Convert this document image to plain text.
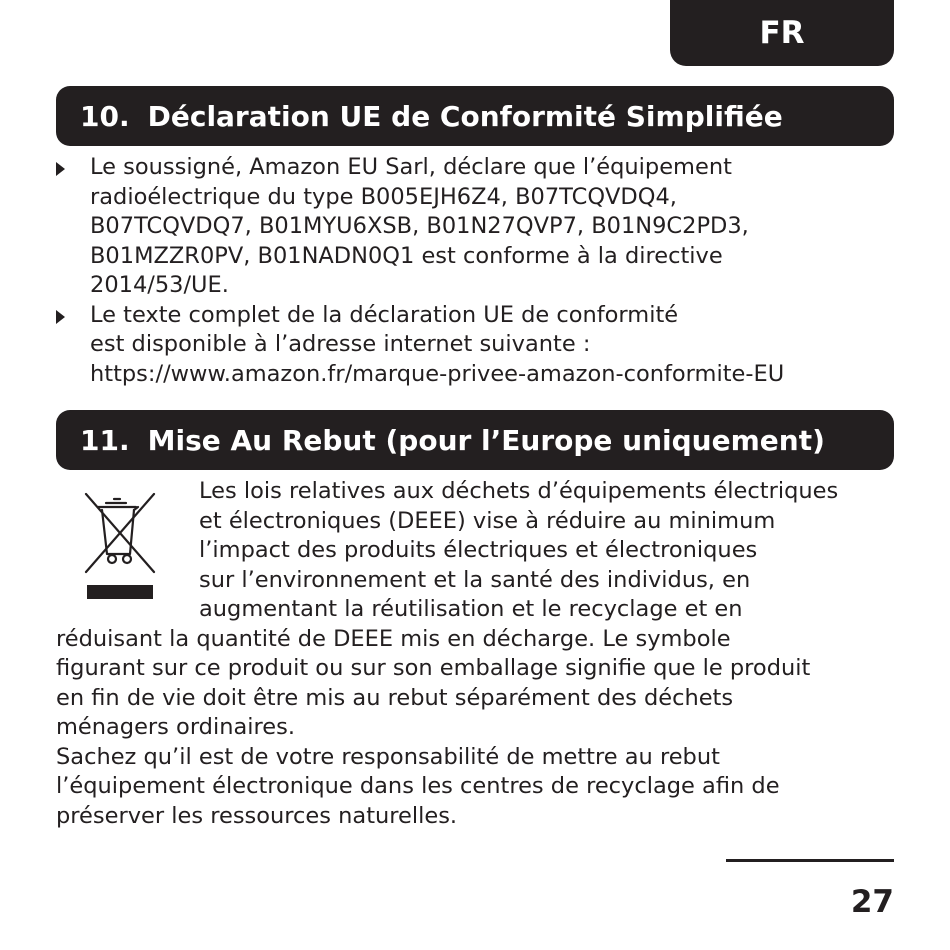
FR
10. Déclaration UE de Conformité Simplifiée
Le soussigné, Amazon EU Sarl, déclare que l’équipement
radioélectrique du type B005EJH6Z4, B07TCQVDQ4,
B07TCQVDQ7, B01MYU6XSB, B01N27QVP7, B01N9C2PD3,
B01MZZR0PV, B01NADN0Q1 est conforme à la directive
2014/53/UE.
Le texte complet de la déclaration UE de conformité
est disponible à l’adresse internet suivante :
https://www.amazon.fr/marque-privee-amazon-conformite-EU
11. Mise Au Rebut (pour l’Europe uniquement)
Les lois relatives aux déchets d’équipements électriques
et électroniques (DEEE) vise à réduire au minimum
l’impact des produits électriques et électroniques
sur l’environnement et la santé des individus, en
augmentant la réutilisation et le recyclage et en
réduisant la quantité de DEEE mis en décharge. Le symbole
figurant sur ce produit ou sur son emballage signifie que le produit
en fin de vie doit être mis au rebut séparément des déchets
ménagers ordinaires.
Sachez qu’il est de votre responsabilité de mettre au rebut
l’équipement électronique dans les centres de recyclage afin de
préserver les ressources naturelles.
27
